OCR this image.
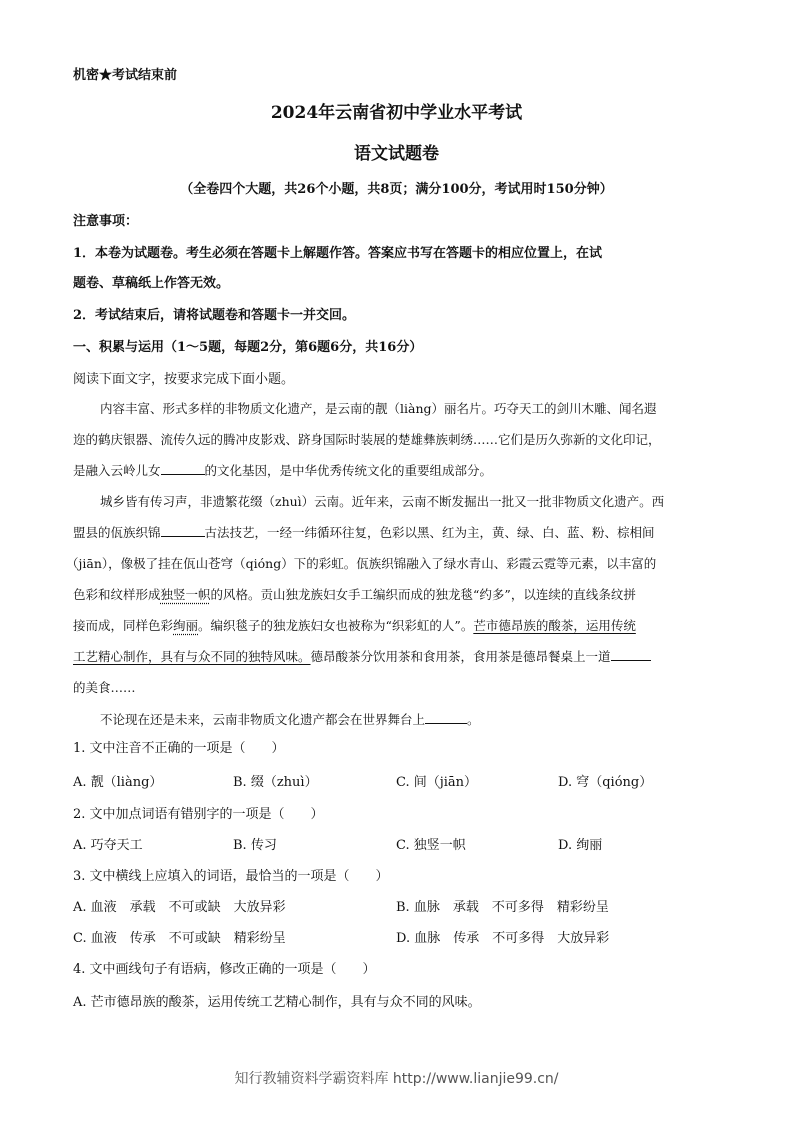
机密★考试结束前
2024年云南省初中学业水平考试
语文试题卷
（全卷四个大题，共26个小题，共8页；满分100分，考试用时150分钟）
注意事项：
1．本卷为试题卷。考生必须在答题卡上解题作答。答案应书写在答题卡的相应位置上，在试
题卷、草稿纸上作答无效。
2．考试结束后，请将试题卷和答题卡一并交回。
一、积累与运用（1～5题，每题2分，第6题6分，共16分）
阅读下面文字，按要求完成下面小题。
内容丰富、形式多样的非物质文化遗产，是云南的靓（liàng）丽名片。巧夺天工的剑川木雕、闻名遐
迩的鹤庆银器、流传久远的腾冲皮影戏、跻身国际时装展的楚雄彝族刺绣……它们是历久弥新的文化印记，
是融入云岭儿女	的文化基因，是中华优秀传统文化的重要组成部分。
城乡皆有传习声，非遗繁花缀（zhuì）云南。近年来，云南不断发掘出一批又一批非物质文化遗产。西
盟县的佤族织锦	古法技艺，一经一纬循环往复，色彩以黑、红为主，黄、绿、白、蓝、粉、棕相间
（jiān），像极了挂在佤山苍穹（qióng）下的彩虹。佤族织锦融入了绿水青山、彩霞云霓等元素，以丰富的
色彩和纹样形成独竖一帜的风格。贡山独龙族妇女手工编织而成的独龙毯“约多”，以连续的直线条纹拼
接而成，同样色彩绚丽。编织毯子的独龙族妇女也被称为“织彩虹的人”。芒市德昂族的酸茶，运用传统
工艺精心制作，具有与众不同的独特风味。德昂酸茶分饮用茶和食用茶，食用茶是德昂餐桌上一道
的美食……
不论现在还是未来，云南非物质文化遗产都会在世界舞台上	。
1. 文中注音不正确的一项是（　　）
A. 靓（liàng）	B. 缀（zhuì）	C. 间（jiān）	D. 穹（qióng）
2. 文中加点词语有错别字的一项是（　　）
A. 巧夺天工	B. 传习	C. 独竖一帜	D. 绚丽
3. 文中横线上应填入的词语，最恰当的一项是（　　）
A. 血液　承载　不可或缺　大放异彩	B. 血脉　承载　不可多得　精彩纷呈
C. 血液　传承　不可或缺　精彩纷呈	D. 血脉　传承　不可多得　大放异彩
4. 文中画线句子有语病，修改正确的一项是（　　）
A. 芒市德昂族的酸茶，运用传统工艺精心制作，具有与众不同的风味。
知行教辅资料学霸资料库 http://www.lianjie99.cn/
